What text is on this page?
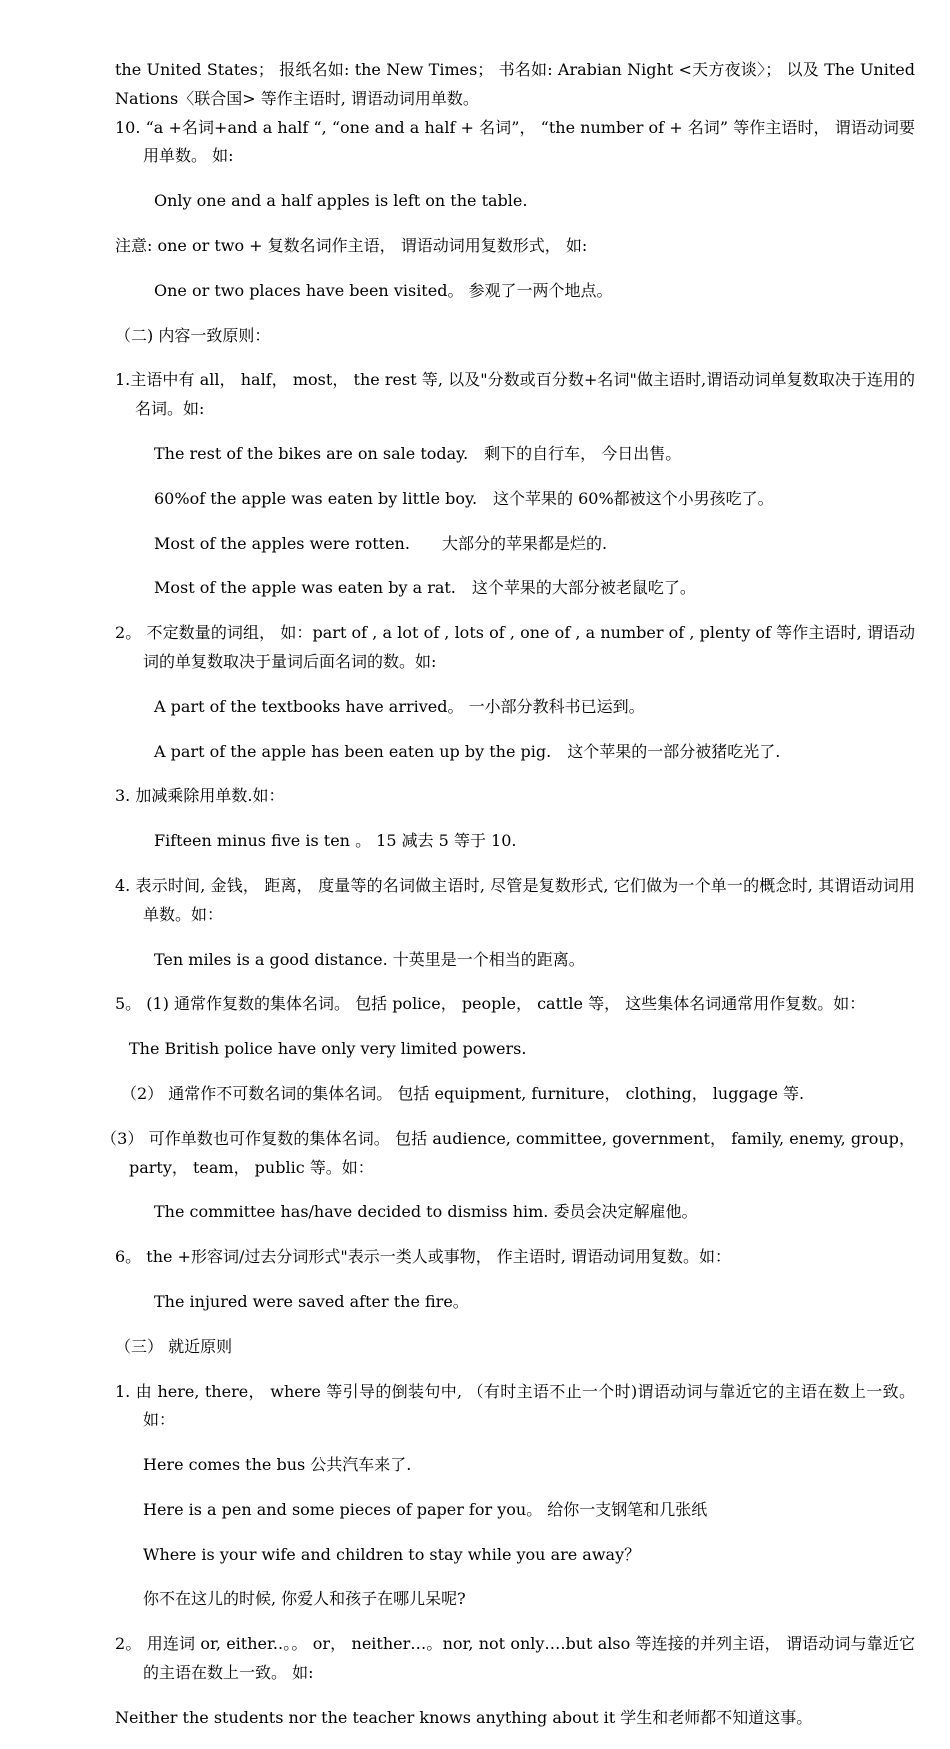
the United States； 报纸名如: the New Times； 书名如: Arabian Night <天方夜谈〉； 以及 The United Nations〈联合国> 等作主语时, 谓语动词用单数。

10. “a +名词+and a half “, “one and a half + 名词”， “the number of + 名词” 等作主语时， 谓语动词要用单数。 如:

Only one and a half apples is left on the table.

注意: one or two + 复数名词作主语， 谓语动词用复数形式， 如:

One or two places have been visited。 参观了一两个地点。

（二) 内容一致原则：

1.主语中有 all， half， most， the rest 等, 以及"分数或百分数+名词"做主语时,谓语动词单复数取决于连用的名词。如:

The rest of the bikes are on sale today.　剩下的自行车， 今日出售。

60%of the apple was eaten by little boy.　这个苹果的 60%都被这个小男孩吃了。

Most of the apples were rotten.　　大部分的苹果都是烂的.

Most of the apple was eaten by a rat.　这个苹果的大部分被老鼠吃了。

2。 不定数量的词组， 如：part of , a lot of , lots of , one of , a number of , plenty of 等作主语时, 谓语动词的单复数取决于量词后面名词的数。如:

A part of the textbooks have arrived。 一小部分教科书已运到。

A part of the apple has been eaten up by the pig.　这个苹果的一部分被猪吃光了.

3. 加减乘除用单数.如：

Fifteen minus five is ten 。 15 减去 5 等于 10.

4. 表示时间, 金钱， 距离， 度量等的名词做主语时, 尽管是复数形式, 它们做为一个单一的概念时, 其谓语动词用单数。如：

Ten miles is a good distance. 十英里是一个相当的距离。

5。 (1) 通常作复数的集体名词。 包括 police， people， cattle 等， 这些集体名词通常用作复数。如：

The British police have only very limited powers.

（2） 通常作不可数名词的集体名词。 包括 equipment, furniture， clothing， luggage 等.

（3） 可作单数也可作复数的集体名词。 包括 audience, committee, government， family, enemy, group， party， team， public 等。如：

The committee has/have decided to dismiss him. 委员会决定解雇他。

6。 the +形容词/过去分词形式"表示一类人或事物， 作主语时, 谓语动词用复数。如：

The injured were saved after the fire。

（三） 就近原则

1. 由 here, there， where 等引导的倒装句中, （有时主语不止一个时)谓语动词与靠近它的主语在数上一致。如：

Here comes the bus 公共汽车来了.

Here is a pen and some pieces of paper for you。 给你一支钢笔和几张纸

Where is your wife and children to stay while you are away？

你不在这儿的时候, 你爱人和孩子在哪儿呆呢?

2。 用连词 or, either..。。 or， neither…。nor, not only….but also 等连接的并列主语， 谓语动词与靠近它的主语在数上一致。 如:

Neither the students nor the teacher knows anything about it 学生和老师都不知道这事。
